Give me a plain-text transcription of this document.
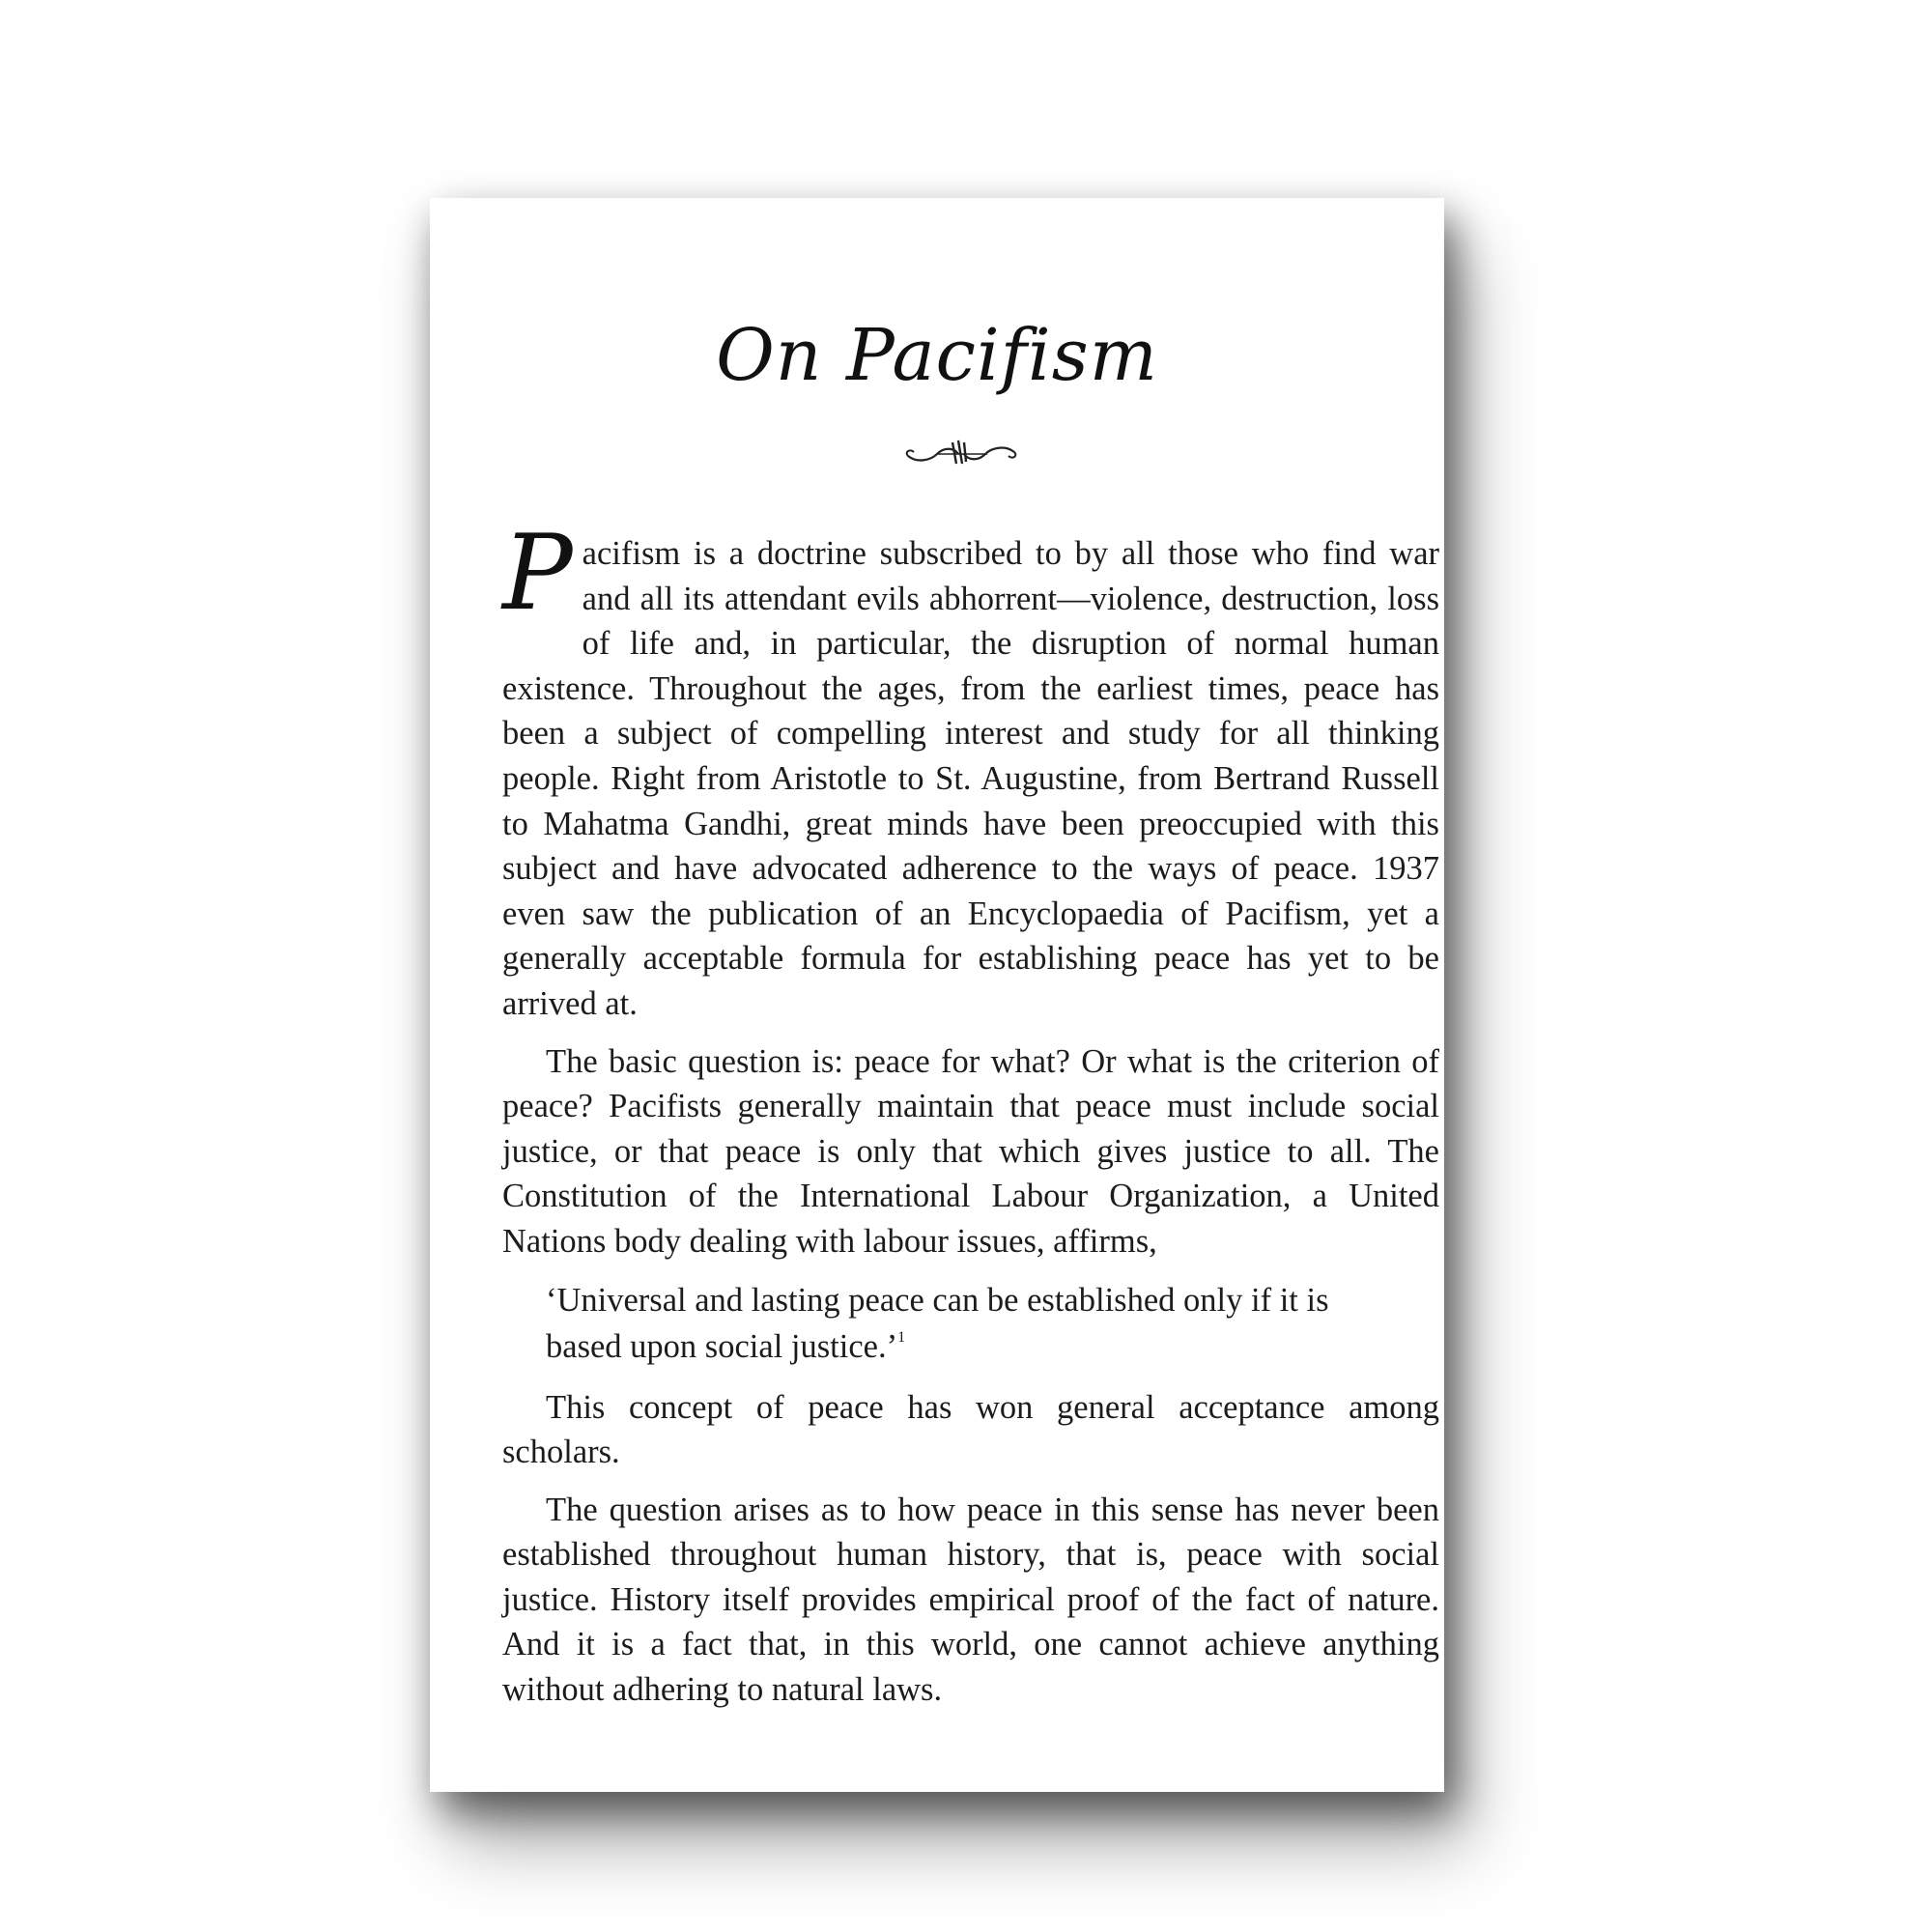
On Pacifism

Pacifism is a doctrine subscribed to by all those who find war and all its attendant evils abhorrent—violence, destruction, loss of life and, in particular, the disruption of normal human existence. Throughout the ages, from the earliest times, peace has been a subject of compelling interest and study for all thinking people. Right from Aristotle to St. Augustine, from Bertrand Russell to Mahatma Gandhi, great minds have been preoccupied with this subject and have advocated adherence to the ways of peace. 1937 even saw the publication of an Encyclopaedia of Pacifism, yet a generally acceptable formula for establishing peace has yet to be arrived at.

The basic question is: peace for what? Or what is the criterion of peace? Pacifists generally maintain that peace must include social justice, or that peace is only that which gives justice to all. The Constitution of the International Labour Organization, a United Nations body dealing with labour issues, affirms,

‘Universal and lasting peace can be established only if it is based upon social justice.’$^1$

This concept of peace has won general acceptance among scholars.

The question arises as to how peace in this sense has never been established throughout human history, that is, peace with social justice. History itself provides empirical proof of the fact of nature. And it is a fact that, in this world, one cannot achieve anything without adhering to natural laws.
